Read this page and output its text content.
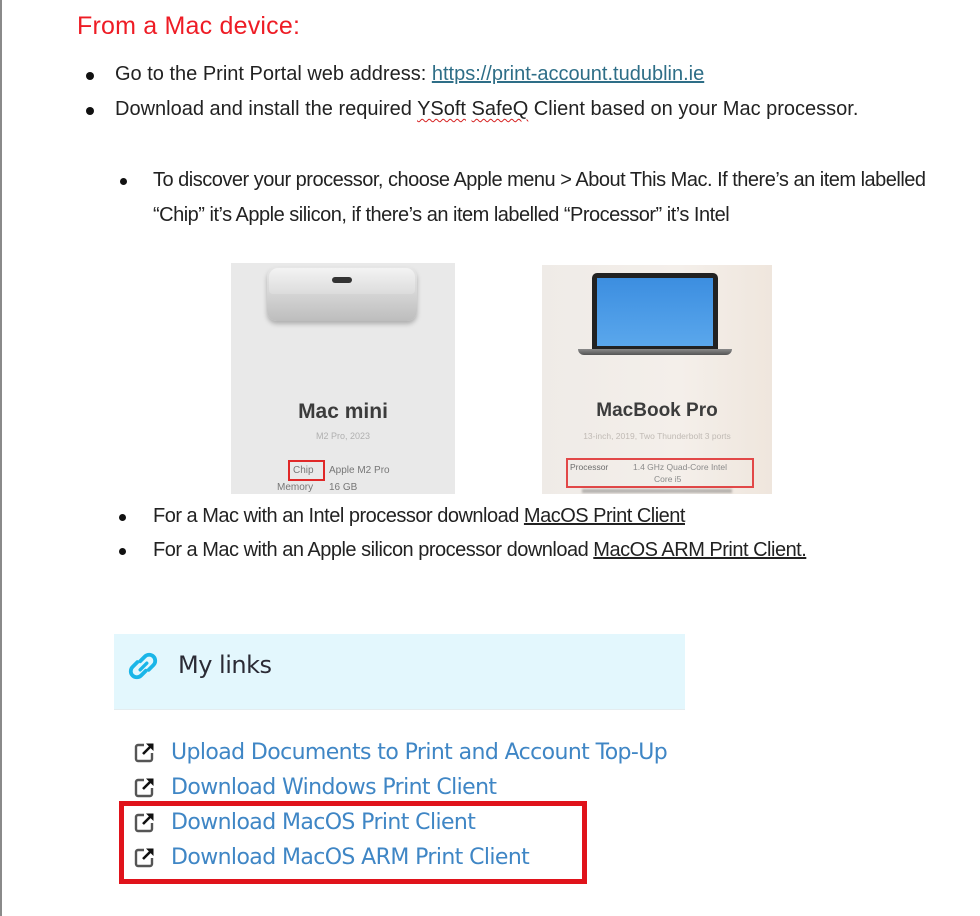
From a Mac device:
Go to the Print Portal web address: https://print-account.tudublin.ie
Download and install the required YSoft SafeQ Client based on your Mac processor.
To discover your processor, choose Apple menu > About This Mac. If there’s an item labelled “Chip” it’s Apple silicon, if there’s an item labelled “Processor” it’s Intel
Mac mini
M2 Pro, 2023
Chip Apple M2 Pro
Memory 16 GB
MacBook Pro
13-inch, 2019, Two Thunderbolt 3 ports
Processor	1.4 GHz Quad-Core Intel
Core i5
For a Mac with an Intel processor download MacOS Print Client
For a Mac with an Apple silicon processor download MacOS ARM Print Client.
My links
Upload Documents to Print and Account Top-Up
Download Windows Print Client
Download MacOS Print Client
Download MacOS ARM Print Client
